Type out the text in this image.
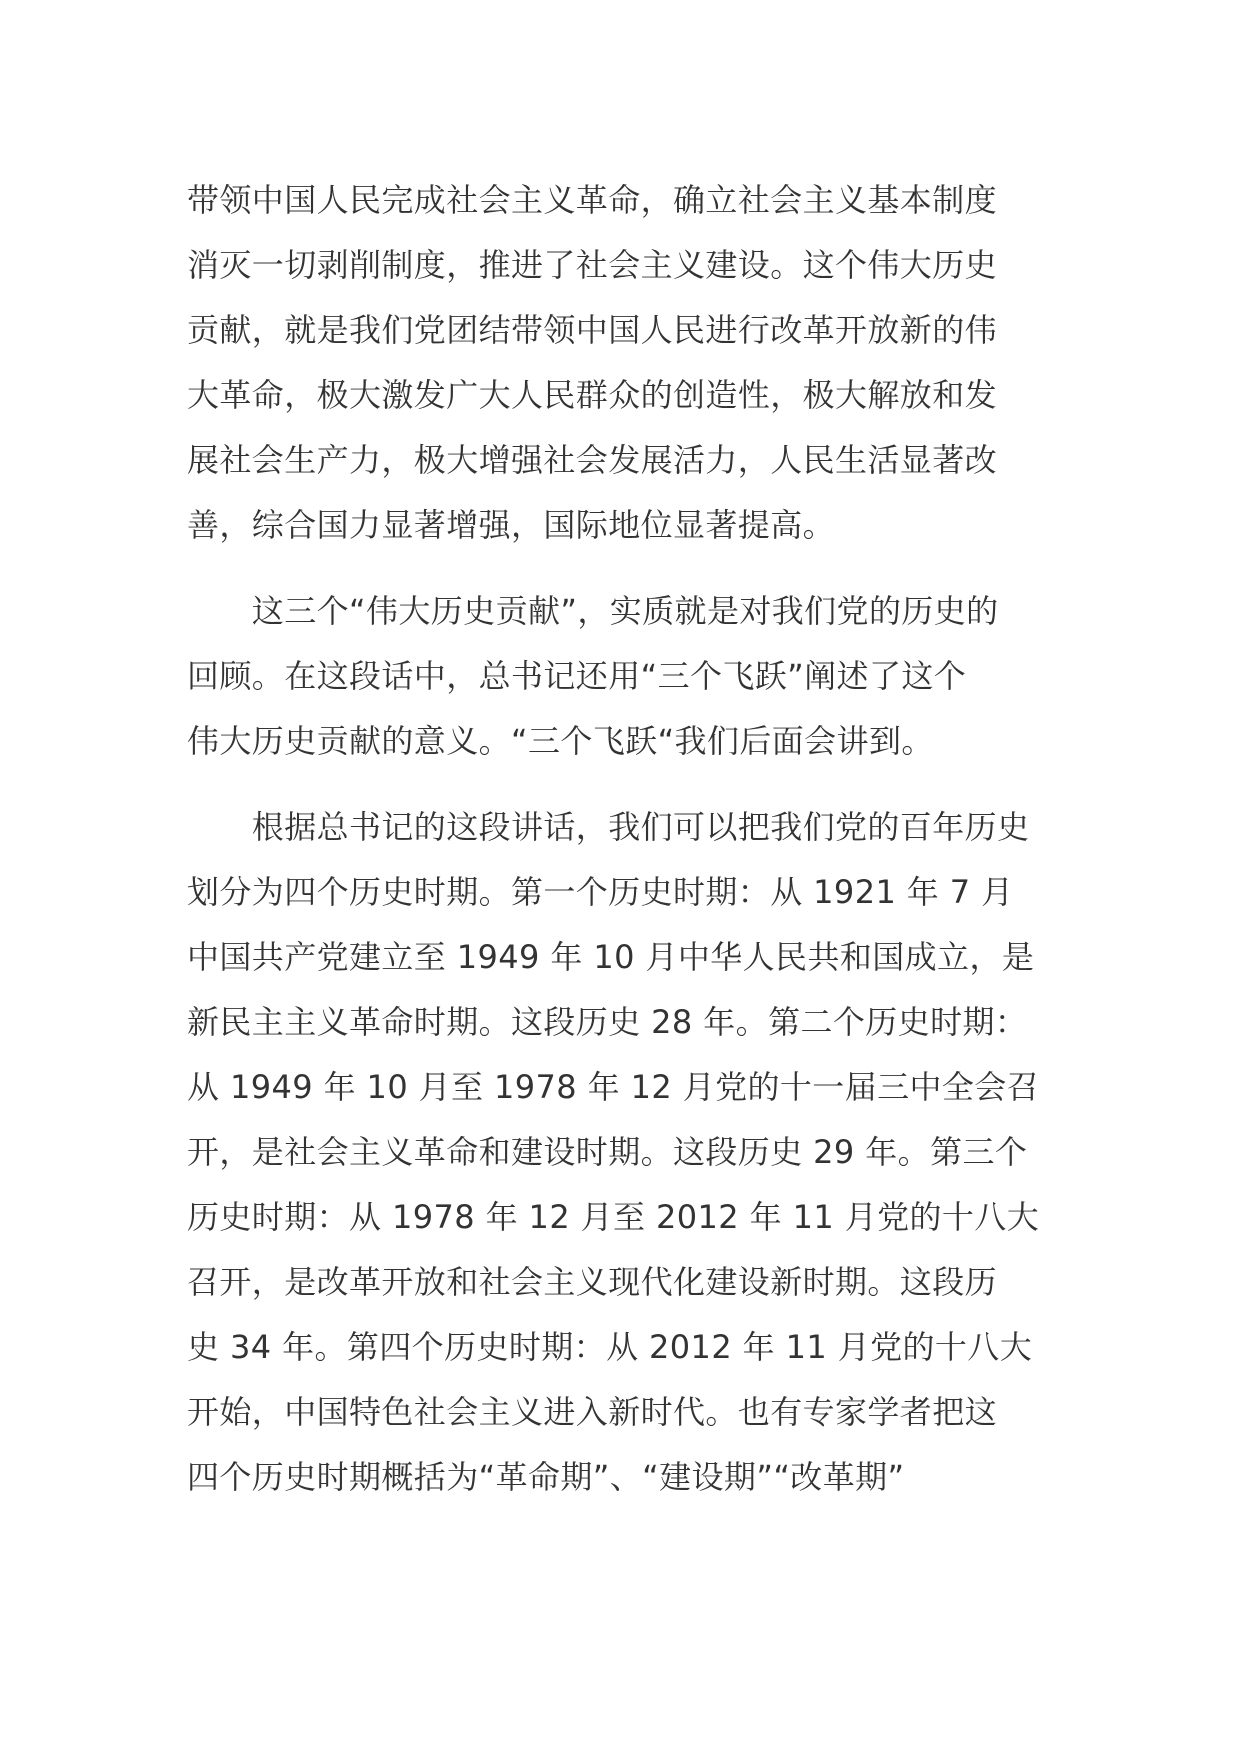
带领中国人民完成社会主义革命，确立社会主义基本制度
消灭一切剥削制度，推进了社会主义建设。这个伟大历史
贡献，就是我们党团结带领中国人民进行改革开放新的伟
大革命，极大激发广大人民群众的创造性，极大解放和发
展社会生产力，极大增强社会发展活力，人民生活显著改
善，综合国力显著增强，国际地位显著提高。
　　这三个“伟大历史贡献”，实质就是对我们党的历史的
回顾。在这段话中，总书记还用“三个飞跃”阐述了这个
伟大历史贡献的意义。“三个飞跃“我们后面会讲到。
　　根据总书记的这段讲话，我们可以把我们党的百年历史
划分为四个历史时期。第一个历史时期：从 1921 年 7 月
中国共产党建立至 1949 年 10 月中华人民共和国成立，是
新民主主义革命时期。这段历史 28 年。第二个历史时期：
从 1949 年 10 月至 1978 年 12 月党的十一届三中全会召
开，是社会主义革命和建设时期。这段历史 29 年。第三个
历史时期：从 1978 年 12 月至 2012 年 11 月党的十八大
召开，是改革开放和社会主义现代化建设新时期。这段历
史 34 年。第四个历史时期：从 2012 年 11 月党的十八大
开始，中国特色社会主义进入新时代。也有专家学者把这
四个历史时期概括为“革命期”、“建设期”“改革期”
